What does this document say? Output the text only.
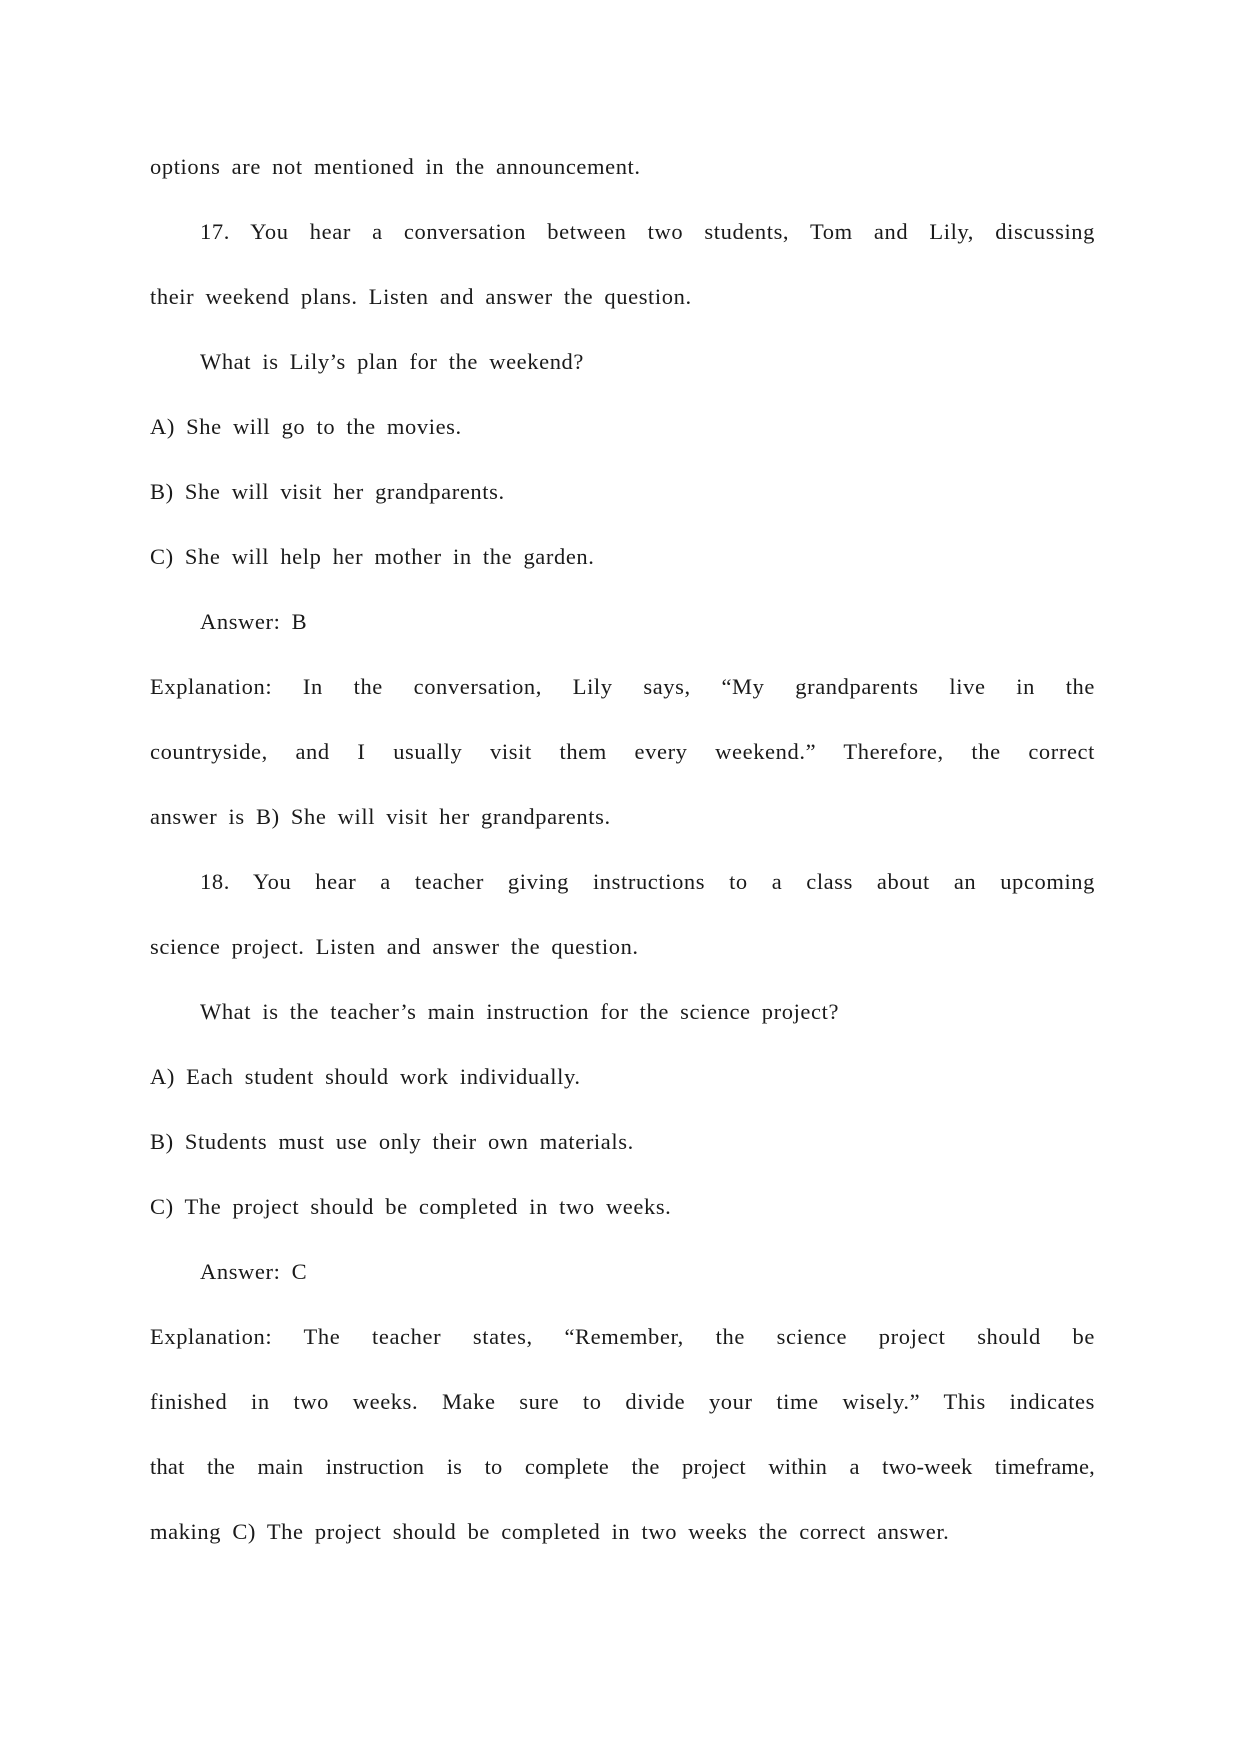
options are not mentioned in the announcement.
17. You hear a conversation between two students, Tom and Lily, discussing
their weekend plans. Listen and answer the question.
What is Lily’s plan for the weekend?
A) She will go to the movies.
B) She will visit her grandparents.
C) She will help her mother in the garden.
Answer: B
Explanation: In the conversation, Lily says, “My grandparents live in the
countryside, and I usually visit them every weekend.” Therefore, the correct
answer is B) She will visit her grandparents.
18. You hear a teacher giving instructions to a class about an upcoming
science project. Listen and answer the question.
What is the teacher’s main instruction for the science project?
A) Each student should work individually.
B) Students must use only their own materials.
C) The project should be completed in two weeks.
Answer: C
Explanation: The teacher states, “Remember, the science project should be
finished in two weeks. Make sure to divide your time wisely.” This indicates
that the main instruction is to complete the project within a two-week timeframe,
making C) The project should be completed in two weeks the correct answer.
